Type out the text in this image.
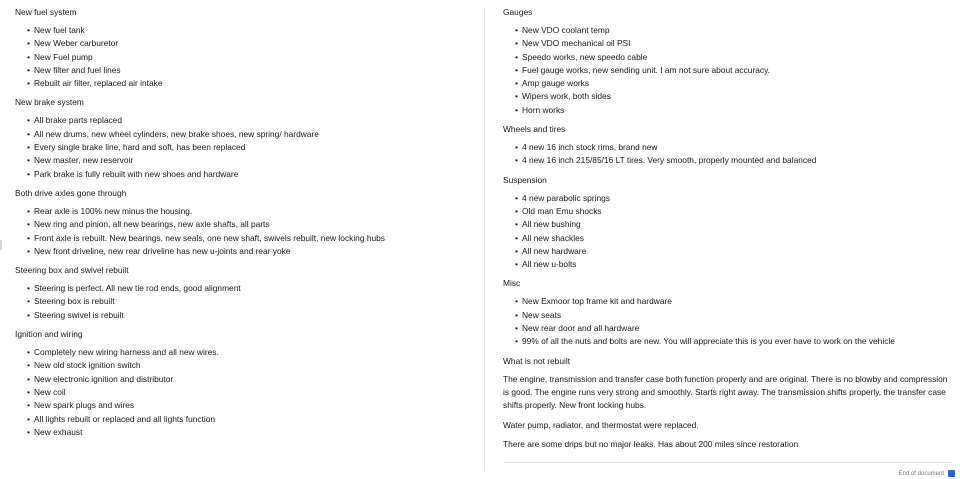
New fuel system
• New fuel tank
• New Weber carburetor
• New Fuel pump
• New filter and fuel lines
• Rebuilt air filter, replaced air intake
New brake system
• All brake parts replaced
• All new drums, new wheel cylinders, new brake shoes, new spring/ hardware
• Every single brake line, hard and soft, has been replaced
• New master, new reservoir
• Park brake is fully rebuilt with new shoes and hardware
Both drive axles gone through
• Rear axle is 100% new minus the housing.
• New ring and pinion, all new bearings, new axle shafts, all parts
• Front axle is rebuilt. New bearings, new seals, one new shaft, swivels rebuilt, new locking hubs
• New front driveline, new rear driveline has new u-joints and rear yoke
Steering box and swivel rebuilt
• Steering is perfect. All new tie rod ends, good alignment
• Steering box is rebuilt
• Steering swivel is rebuilt
Ignition and wiring
• Completely new wiring harness and all new wires.
• New old stock ignition switch
• New electronic ignition and distributor
• New coil
• New spark plugs and wires
• All lights rebuilt or replaced and all lights function
• New exhaust
Gauges
• New VDO coolant temp
• New VDO mechanical oil PSI
• Speedo works, new speedo cable
• Fuel gauge works, new sending unit. I am not sure about accuracy.
• Amp gauge works
• Wipers work, both sides
• Horn works
Wheels and tires
• 4 new 16 inch stock rims, brand new
• 4 new 16 inch 215/85/16 LT tires. Very smooth, properly mounted and balanced
Suspension
• 4 new parabolic springs
• Old man Emu shocks
• All new bushing
• All new shackles
• All new hardware
• All new u-bolts
Misc
• New Exmoor top frame kit and hardware
• New seats
• New rear door and all hardware
• 99% of all the nuts and bolts are new. You will appreciate this is you ever have to work on the vehicle
What is not rebuilt

The engine, transmission and transfer case both function properly and are original. There is no blowby and compression is good. The engine runs very strong and smoothly. Starts right away. The transmission shifts properly, the transfer case shifts properly. New front locking hubs.

Water pump, radiator, and thermostat were replaced.

There are some drips but no major leaks. Has about 200 miles since restoration

End of document
